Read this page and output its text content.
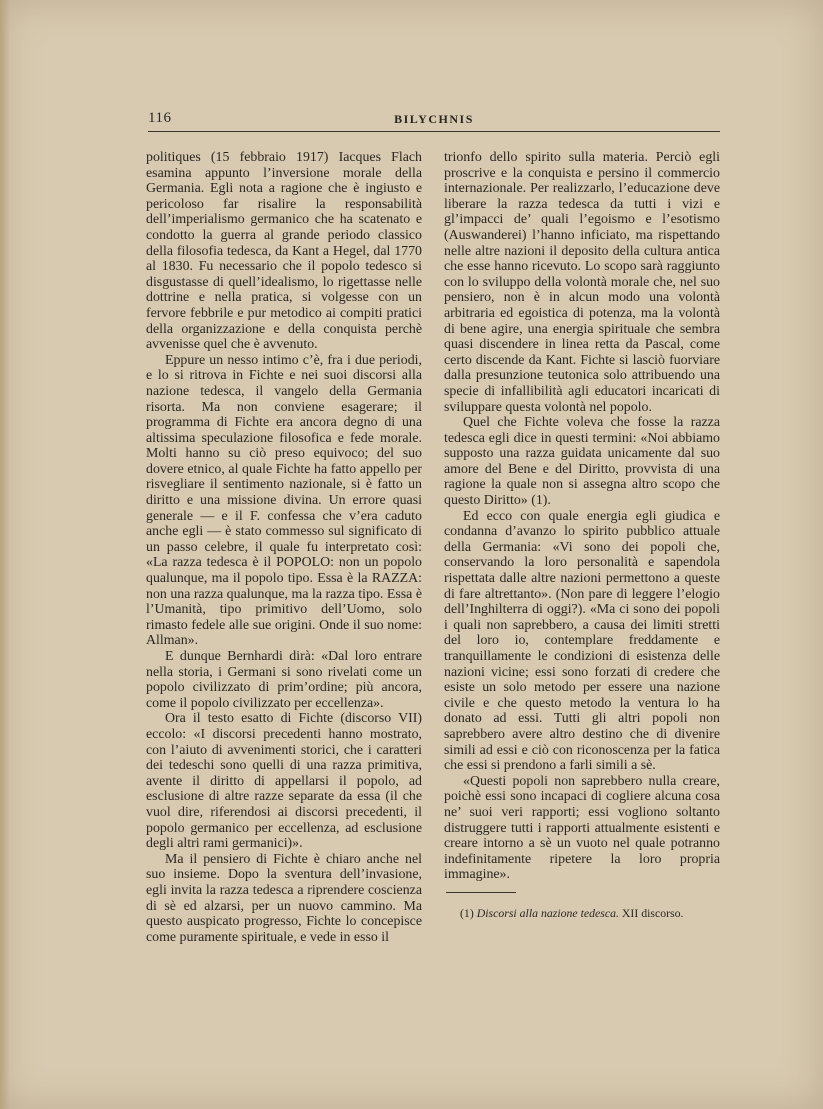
116	BILYCHNIS

politiques (15 febbraio 1917) Iacques Flach esamina appunto l’inversione morale della Germania. Egli nota a ragione che è ingiusto e pericoloso far risalire la responsabilità dell’imperialismo germanico che ha scatenato e condotto la guerra al grande periodo classico della filosofia tedesca, da Kant a Hegel, dal 1770 al 1830. Fu necessario che il popolo tedesco si disgustasse di quell’idealismo, lo rigettasse nelle dottrine e nella pratica, si volgesse con un fervore febbrile e pur metodico ai compiti pratici della organizzazione e della conquista perchè avvenisse quel che è avvenuto.

Eppure un nesso intimo c’è, fra i due periodi, e lo si ritrova in Fichte e nei suoi discorsi alla nazione tedesca, il vangelo della Germania risorta. Ma non conviene esagerare; il programma di Fichte era ancora degno di una altissima speculazione filosofica e fede morale. Molti hanno su ciò preso equivoco; del suo dovere etnico, al quale Fichte ha fatto appello per risvegliare il sentimento nazionale, si è fatto un diritto e una missione divina. Un errore quasi generale — e il F. confessa che v’era caduto anche egli — è stato commesso sul significato di un passo celebre, il quale fu interpretato così: «La razza tedesca è il POPOLO: non un popolo qualunque, ma il popolo tipo. Essa è la RAZZA: non una razza qualunque, ma la razza tipo. Essa è l’Umanità, tipo primitivo dell’Uomo, solo rimasto fedele alle sue origini. Onde il suo nome: Allman».

E dunque Bernhardi dirà: «Dal loro entrare nella storia, i Germani si sono rivelati come un popolo civilizzato di prim’ordine; più ancora, come il popolo civilizzato per eccellenza».

Ora il testo esatto di Fichte (discorso VII) eccolo: «I discorsi precedenti hanno mostrato, con l’aiuto di avvenimenti storici, che i caratteri dei tedeschi sono quelli di una razza primitiva, avente il diritto di appellarsi il popolo, ad esclusione di altre razze separate da essa (il che vuol dire, riferendosi ai discorsi precedenti, il popolo germanico per eccellenza, ad esclusione degli altri rami germanici)».

Ma il pensiero di Fichte è chiaro anche nel suo insieme. Dopo la sventura dell’invasione, egli invita la razza tedesca a riprendere coscienza di sè ed alzarsi, per un nuovo cammino. Ma questo auspicato progresso, Fichte lo concepisce come puramente spirituale, e vede in esso il

trionfo dello spirito sulla materia. Perciò egli proscrive e la conquista e persino il commercio internazionale. Per realizzarlo, l’educazione deve liberare la razza tedesca da tutti i vizi e gl’impacci de’ quali l’egoismo e l’esotismo (Auswanderei) l’hanno inficiato, ma rispettando nelle altre nazioni il deposito della cultura antica che esse hanno ricevuto. Lo scopo sarà raggiunto con lo sviluppo della volontà morale che, nel suo pensiero, non è in alcun modo una volontà arbitraria ed egoistica di potenza, ma la volontà di bene agire, una energia spirituale che sembra quasi discendere in linea retta da Pascal, come certo discende da Kant. Fichte si lasciò fuorviare dalla presunzione teutonica solo attribuendo una specie di infallibilità agli educatori incaricati di sviluppare questa volontà nel popolo.

Quel che Fichte voleva che fosse la razza tedesca egli dice in questi termini: «Noi abbiamo supposto una razza guidata unicamente dal suo amore del Bene e del Diritto, provvista di una ragione la quale non si assegna altro scopo che questo Diritto» (1).

Ed ecco con quale energia egli giudica e condanna d’avanzo lo spirito pubblico attuale della Germania: «Vi sono dei popoli che, conservando la loro personalità e sapendola rispettata dalle altre nazioni permettono a queste di fare altrettanto». (Non pare di leggere l’elogio dell’Inghilterra di oggi?). «Ma ci sono dei popoli i quali non saprebbero, a causa dei limiti stretti del loro io, contemplare freddamente e tranquillamente le condizioni di esistenza delle nazioni vicine; essi sono forzati di credere che esiste un solo metodo per essere una nazione civile e che questo metodo la ventura lo ha donato ad essi. Tutti gli altri popoli non saprebbero avere altro destino che di divenire simili ad essi e ciò con riconoscenza per la fatica che essi si prendono a farli simili a sè.

«Questi popoli non saprebbero nulla creare, poichè essi sono incapaci di cogliere alcuna cosa ne’ suoi veri rapporti; essi vogliono soltanto distruggere tutti i rapporti attualmente esistenti e creare intorno a sè un vuoto nel quale potranno indefinitamente ripetere la loro propria immagine».

(1) Discorsi alla nazione tedesca. XII discorso.
